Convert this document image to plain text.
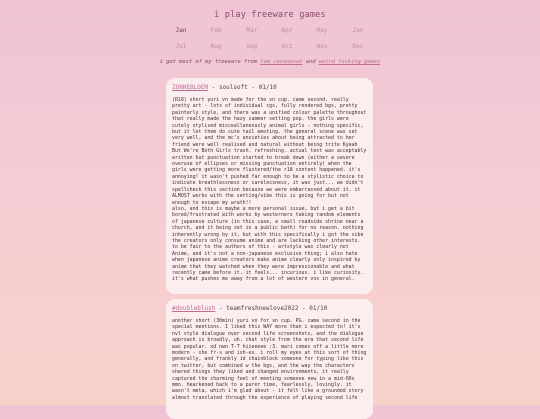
i play freeware games
Jan	Feb	Mar	Apr	May	Jun
Jul	Aug	Sep	Oct	Nov	Dec
i get most of my freeware from lam casanovah and weird fucking games
ZONNEBLOEM - soulsoft - 01/10
(R18) short yuri vn made for the vn cup. came second. really pretty art - lots of individual cgs, fully rendered bgs, pretty painterly style, and there was a unified colour palette throughout that really made the hazy summer setting pop. the girls were cutely stylised misceallaneously animal girls - nothing specific, but it let them do cute tail emoting. the general scene was set very well, and the mc's anxieties about being attracted to her friend were well realised and natural without being trite Kyaah But We're Both Girls trash. refreshing. actual text was acceptably written but punctuation started to break down (either a severe overuse of ellipses or missing punctuation entirely) when the girls were getting more flustered/the r18 content happened. it's annoying! it wasn't pushed far enough to be a stylistic choice to indicate breathlessness or carelessness, it was just... we didn't spellcheck this section because we were embarrassed about it. it ALMOST works with the setting/vibe this is going for but not enough to escape my wrath!!
also, and this is maybe a more personal issue, but i get a bit bored/frustrated with works by westerners taking random elements of japanese culture (in this case, a small roadside shrine near a church, and it being set in a public bath) for no reason. nothing inherently wrong by it, but with this specifically i got the vibe the creators only consume anime and are lacking other interests. to be fair to the authors of this - artstyle was clearly not Anime, and it's not a non-japanese exclusive thing; i also hate when japanese anime creators make anime clearly only inspired by anime that they watched when they were impressionable and what recently came before it. it feels... incurious. i like curiosity. it's what pushes me away from a lot of western vns in general.
#doubleblush - teamfreshnewlove2022 - 01/10
another short (30min) yuri vn for vn cup. PG. came second in the special mentions. I liked this WAY more than i expected to! it's nvl style dialogue over second life screenshots, and the dialogue approach is broadly, uh. chat style from the era that second life was popular. xd nwn T-T hiieeeee :3. mari comes off a little more modern - she fr-s and ish-es. i roll my eyes at this sort of thing generally, and frankly id chainblock someone for typing like this on twitter, but combined w the bgs, and the way the characters shared things they liked and changed environments, it really captured the charming feel of meeting someone new in a mid-00s mmo. hearkened back to a purer time, fearlessly, lovingly. it wasn't meta, which i'm glad about - it felt like a grounded story almost translated through the experience of playing second life
